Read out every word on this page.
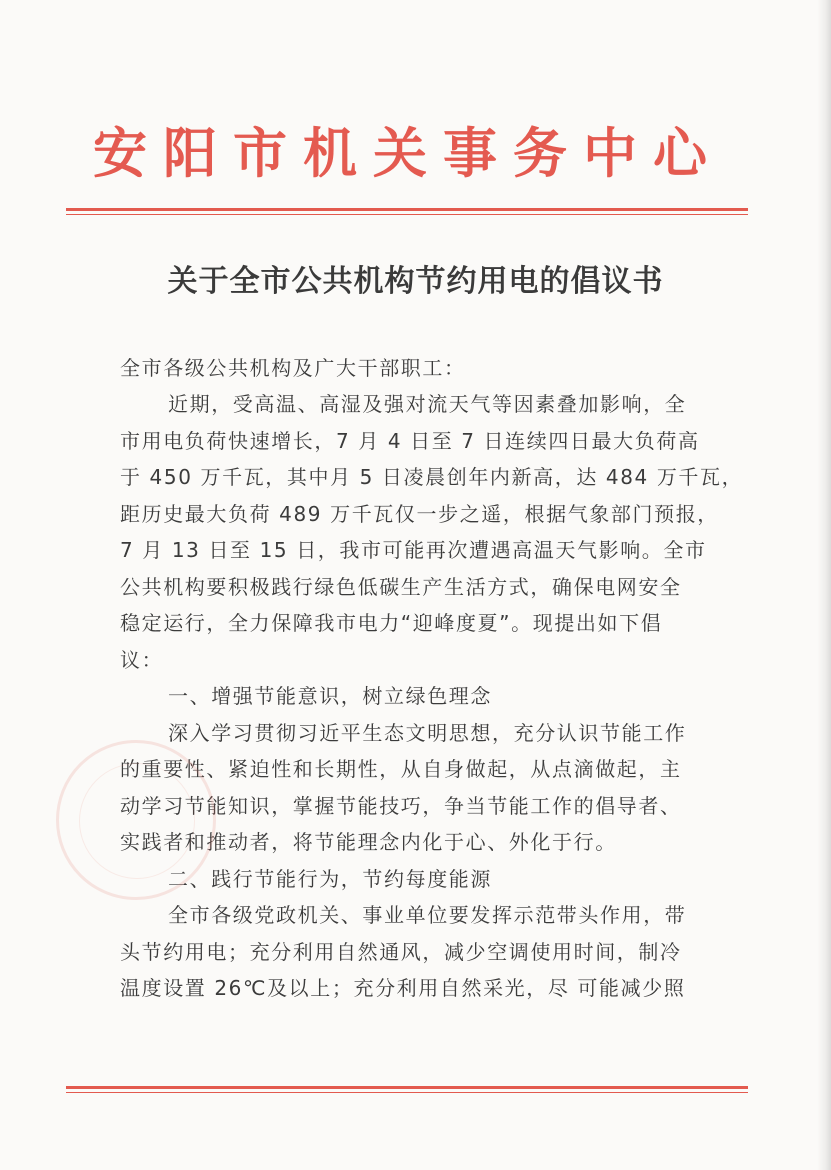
安阳市机关事务中心
关于全市公共机构节约用电的倡议书
全市各级公共机构及广大干部职工：
近期，受高温、高湿及强对流天气等因素叠加影响，全
市用电负荷快速增长，7 月 4 日至 7 日连续四日最大负荷高
于 450 万千瓦，其中月 5 日凌晨创年内新高，达 484 万千瓦，
距历史最大负荷 489 万千瓦仅一步之遥，根据气象部门预报，
7 月 13 日至 15 日，我市可能再次遭遇高温天气影响。全市
公共机构要积极践行绿色低碳生产生活方式，确保电网安全
稳定运行，全力保障我市电力“迎峰度夏”。现提出如下倡
议：
一、增强节能意识，树立绿色理念
深入学习贯彻习近平生态文明思想，充分认识节能工作
的重要性、紧迫性和长期性，从自身做起，从点滴做起，主
动学习节能知识，掌握节能技巧，争当节能工作的倡导者、
实践者和推动者，将节能理念内化于心、外化于行。
二、践行节能行为，节约每度能源
全市各级党政机关、事业单位要发挥示范带头作用，带
头节约用电；充分利用自然通风，减少空调使用时间，制冷
温度设置 26℃及以上；充分利用自然采光，尽 可能减少照
